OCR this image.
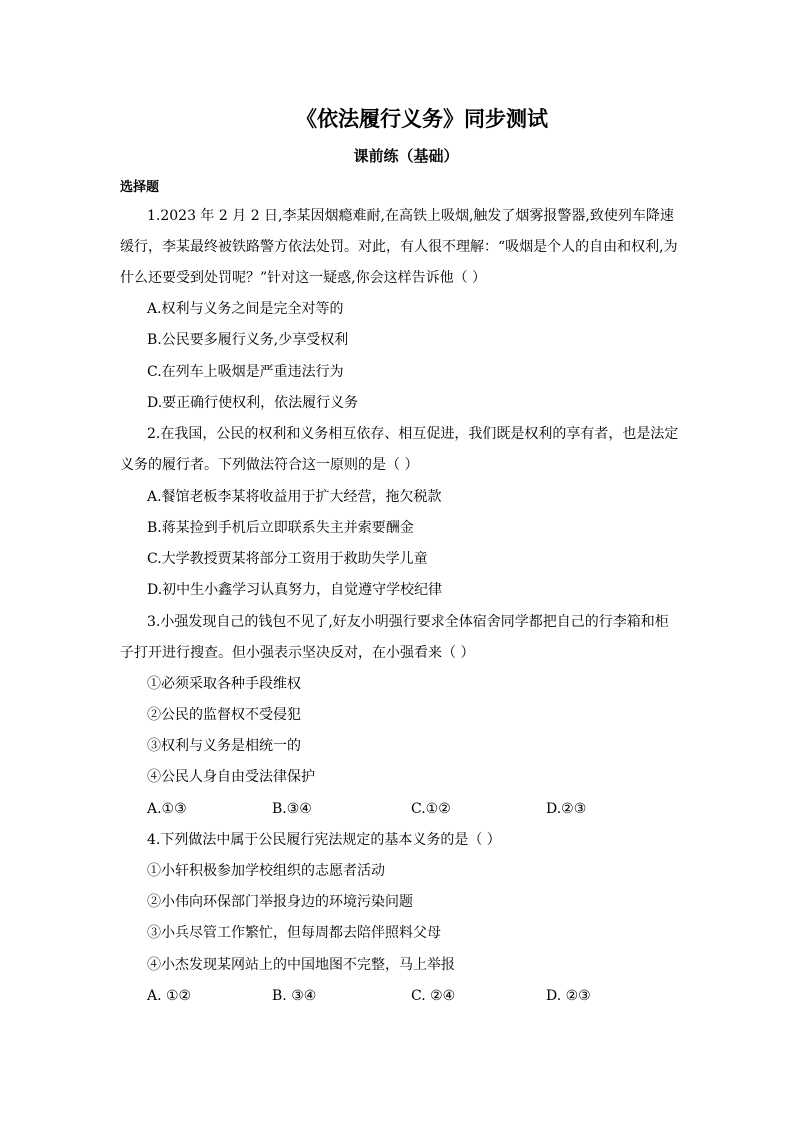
《依法履行义务》同步测试
课前练（基础）
选择题
1.2023 年 2 月 2 日,李某因烟瘾难耐,在高铁上吸烟,触发了烟雾报警器,致使列车降速
缓行，李某最终被铁路警方依法处罚。对此，有人很不理解：“吸烟是个人的自由和权利,为
什么还要受到处罚呢？”针对这一疑惑,你会这样告诉他（ ）
A.权利与义务之间是完全对等的
B.公民要多履行义务,少享受权利
C.在列车上吸烟是严重违法行为
D.要正确行使权利，依法履行义务
2.在我国，公民的权利和义务相互依存、相互促进，我们既是权利的享有者，也是法定
义务的履行者。下列做法符合这一原则的是（ ）
A.餐馆老板李某将收益用于扩大经营，拖欠税款
B.蒋某捡到手机后立即联系失主并索要酬金
C.大学教授贾某将部分工资用于救助失学儿童
D.初中生小鑫学习认真努力，自觉遵守学校纪律
3.小强发现自己的钱包不见了,好友小明强行要求全体宿舍同学都把自己的行李箱和柜
子打开进行搜查。但小强表示坚决反对，在小强看来（ ）
①必须采取各种手段维权
②公民的监督权不受侵犯
③权利与义务是相统一的
④公民人身自由受法律保护
A.①③	B.③④	C.①②	D.②③
4.下列做法中属于公民履行宪法规定的基本义务的是（ ）
①小轩积极参加学校组织的志愿者活动
②小伟向环保部门举报身边的环境污染问题
③小兵尽管工作繁忙，但每周都去陪伴照料父母
④小杰发现某网站上的中国地图不完整，马上举报
A. ①②	B. ③④	C. ②④	D. ②③
